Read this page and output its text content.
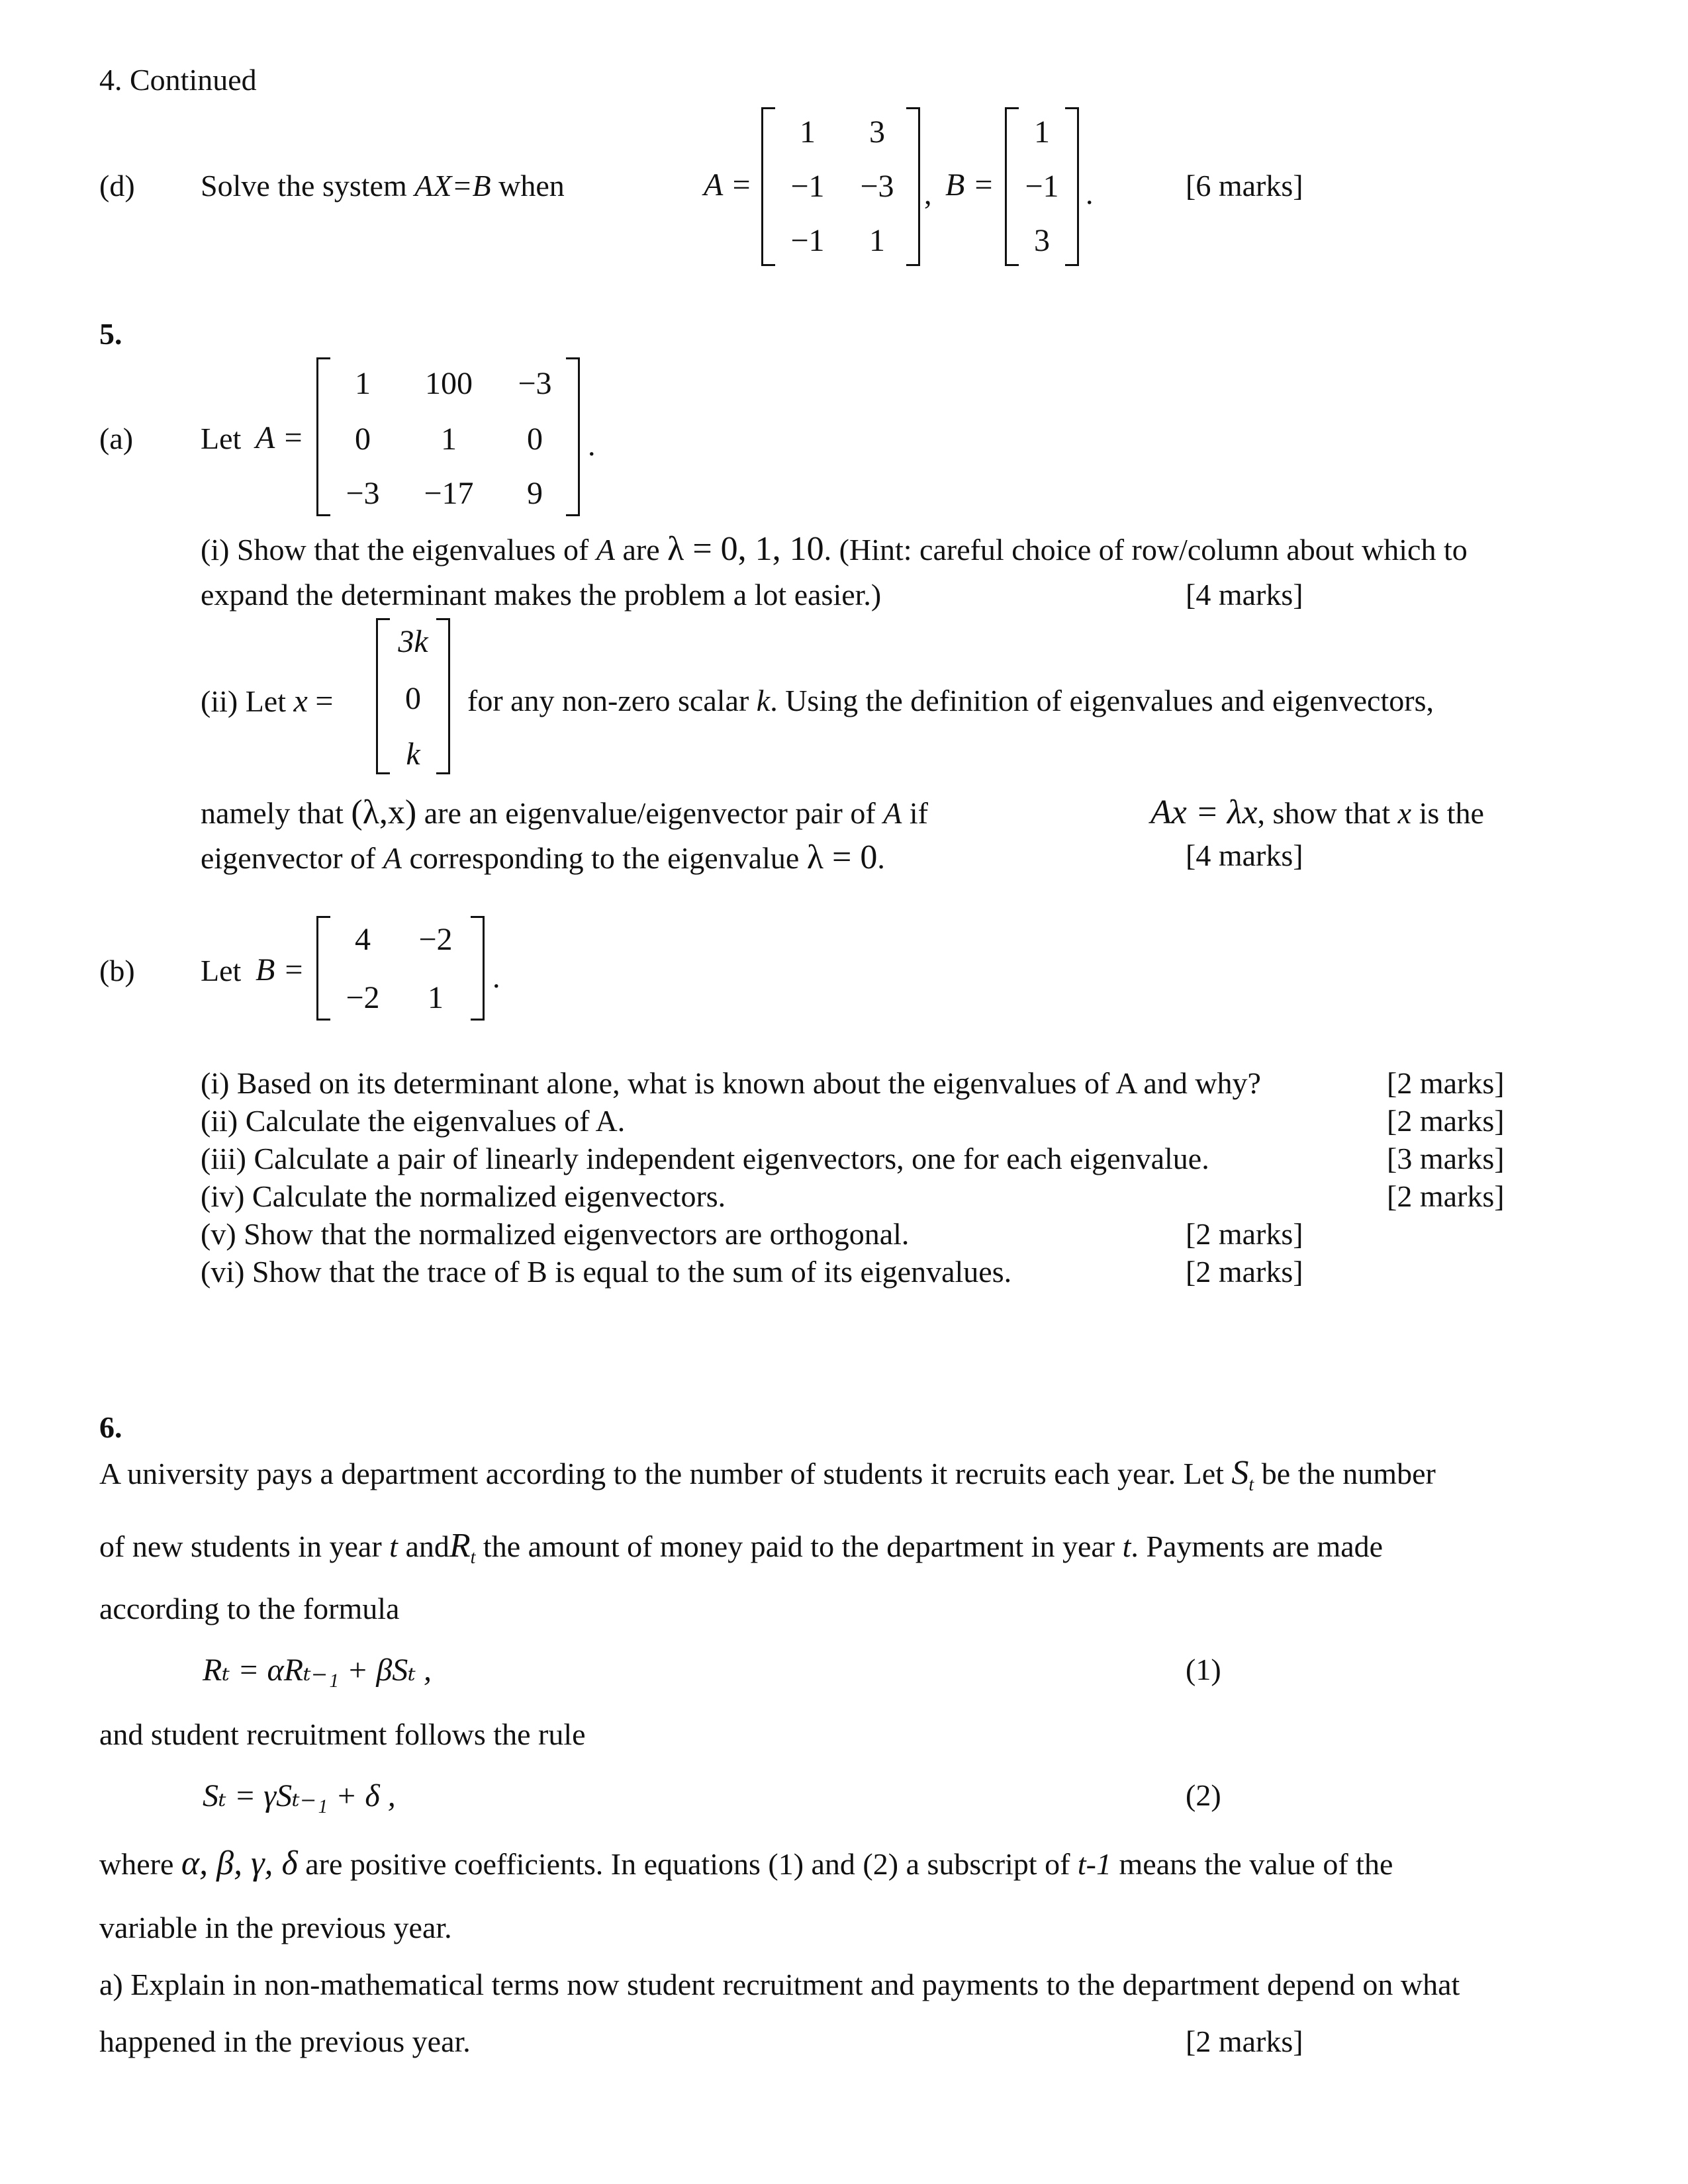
4. Continued
(d) Solve the system AX=B when	A =
1	3
−1	−3
−1	1
, B =
1
−1
3
.	[6 marks]
5.
(a) Let A =
1	100	−3
0	1	0
−3	−17	9
.
(i) Show that the eigenvalues of A are λ = 0, 1, 10. (Hint: careful choice of row/column about which to
expand the determinant makes the problem a lot easier.)	[4 marks]
(ii) Let x =
3k
0
k
for any non-zero scalar k. Using the definition of eigenvalues and eigenvectors,
namely that (λ,x) are an eigenvalue/eigenvector pair of A if	Ax = λx, show that x is the
eigenvector of A corresponding to the eigenvalue λ = 0.	[4 marks]
(b) Let B =
4	−2
−2	1
.
(i) Based on its determinant alone, what is known about the eigenvalues of A and why?	[2 marks]
(ii) Calculate the eigenvalues of A.	[2 marks]
(iii) Calculate a pair of linearly independent eigenvectors, one for each eigenvalue.	[3 marks]
(iv) Calculate the normalized eigenvectors.	[2 marks]
(v) Show that the normalized eigenvectors are orthogonal.	[2 marks]
(vi) Show that the trace of B is equal to the sum of its eigenvalues.	[2 marks]
6.
A university pays a department according to the number of students it recruits each year. Let $S_t$ be the number
of new students in year t andR$_t$ the amount of money paid to the department in year t. Payments are made
according to the formula
Rₜ = αRₜ₋₁ + βSₜ ,	(1)
and student recruitment follows the rule
Sₜ = γSₜ₋₁ + δ ,	(2)
where α, β, γ, δ are positive coefficients. In equations (1) and (2) a subscript of t-1 means the value of the
variable in the previous year.
a) Explain in non-mathematical terms now student recruitment and payments to the department depend on what
happened in the previous year.	[2 marks]
